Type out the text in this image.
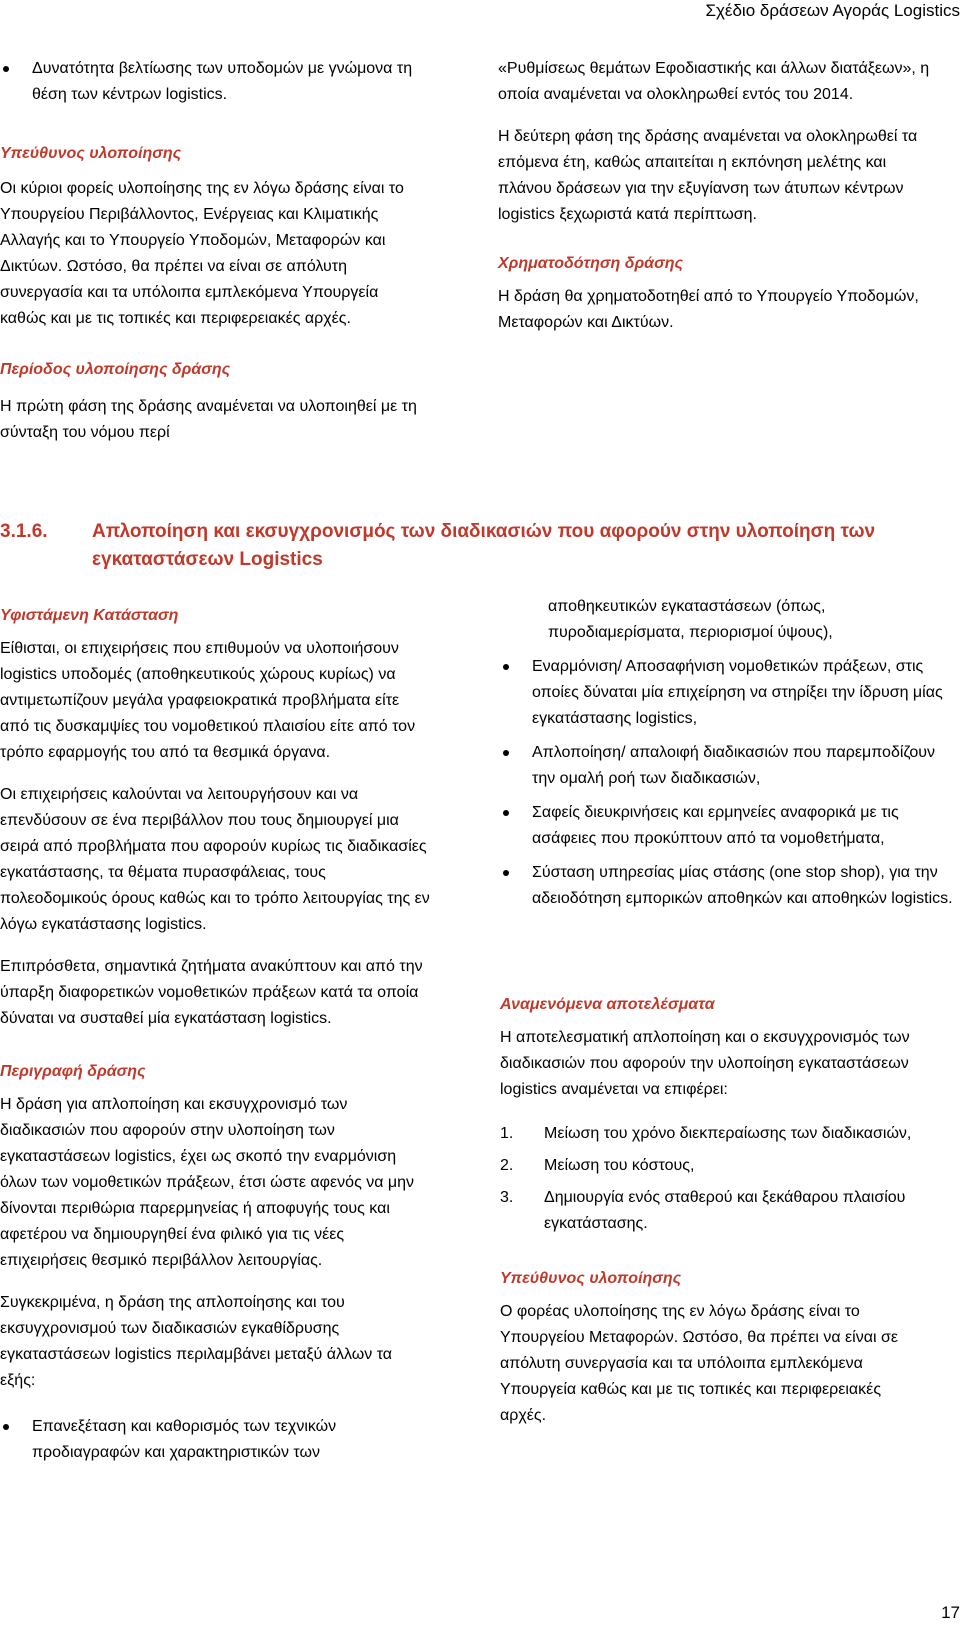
Σχέδιο δράσεων Αγοράς Logistics
Δυνατότητα βελτίωσης των υποδομών με γνώμονα τη θέση των κέντρων logistics.

Υπεύθυνος υλοποίησης

Οι κύριοι φορείς υλοποίησης της εν λόγω δράσης είναι το Υπουργείου Περιβάλλοντος, Ενέργειας και Κλιματικής Αλλαγής και το Υπουργείο Υποδομών, Μεταφορών και Δικτύων. Ωστόσο, θα πρέπει να είναι σε απόλυτη συνεργασία και τα υπόλοιπα εμπλεκόμενα Υπουργεία καθώς και με τις τοπικές και περιφερειακές αρχές.

Περίοδος υλοποίησης δράσης

Η πρώτη φάση της δράσης αναμένεται να υλοποιηθεί με τη σύνταξη του νόμου περί

«Ρυθμίσεως θεμάτων Εφοδιαστικής και άλλων διατάξεων», η οποία αναμένεται να ολοκληρωθεί εντός του 2014.

Η δεύτερη φάση της δράσης αναμένεται να ολοκληρωθεί τα επόμενα έτη, καθώς απαιτείται η εκπόνηση μελέτης και πλάνου δράσεων για την εξυγίανση των άτυπων κέντρων logistics ξεχωριστά κατά περίπτωση.

Χρηματοδότηση δράσης

Η δράση θα χρηματοδοτηθεί από το Υπουργείο Υποδομών, Μεταφορών και Δικτύων.

3.1.6. Απλοποίηση και εκσυγχρονισμός των διαδικασιών που αφορούν στην υλοποίηση των εγκαταστάσεων Logistics

Υφιστάμενη Κατάσταση

Είθισται, οι επιχειρήσεις που επιθυμούν να υλοποιήσουν logistics υποδομές (αποθηκευτικούς χώρους κυρίως) να αντιμετωπίζουν μεγάλα γραφειοκρατικά προβλήματα είτε από τις δυσκαμψίες του νομοθετικού πλαισίου είτε από τον τρόπο εφαρμογής του από τα θεσμικά όργανα.

Οι επιχειρήσεις καλούνται να λειτουργήσουν και να επενδύσουν σε ένα περιβάλλον που τους δημιουργεί μια σειρά από προβλήματα που αφορούν κυρίως τις διαδικασίες εγκατάστασης, τα θέματα πυρασφάλειας, τους πολεοδομικούς όρους καθώς και το τρόπο λειτουργίας της εν λόγω εγκατάστασης logistics.

Επιπρόσθετα, σημαντικά ζητήματα ανακύπτουν και από την ύπαρξη διαφορετικών νομοθετικών πράξεων κατά τα οποία δύναται να συσταθεί μία εγκατάσταση logistics.

Περιγραφή δράσης

Η δράση για απλοποίηση και εκσυγχρονισμό των διαδικασιών που αφορούν στην υλοποίηση των εγκαταστάσεων logistics, έχει ως σκοπό την εναρμόνιση όλων των νομοθετικών πράξεων, έτσι ώστε αφενός να μην δίνονται περιθώρια παρερμηνείας ή αποφυγής τους και αφετέρου να δημιουργηθεί ένα φιλικό για τις νέες επιχειρήσεις θεσμικό περιβάλλον λειτουργίας.

Συγκεκριμένα, η δράση της απλοποίησης και του εκσυγχρονισμού των διαδικασιών εγκαθίδρυσης εγκαταστάσεων logistics περιλαμβάνει μεταξύ άλλων τα εξής:

Επανεξέταση και καθορισμός των τεχνικών προδιαγραφών και χαρακτηριστικών των

αποθηκευτικών εγκαταστάσεων (όπως, πυροδιαμερίσματα, περιορισμοί ύψους),

Εναρμόνιση/ Αποσαφήνιση νομοθετικών πράξεων, στις οποίες δύναται μία επιχείρηση να στηρίξει την ίδρυση μίας εγκατάστασης logistics,
Απλοποίηση/ απαλοιφή διαδικασιών που παρεμποδίζουν την ομαλή ροή των διαδικασιών,
Σαφείς διευκρινήσεις και ερμηνείες αναφορικά με τις ασάφειες που προκύπτουν από τα νομοθετήματα,
Σύσταση υπηρεσίας μίας στάσης (one stop shop), για την αδειοδότηση εμπορικών αποθηκών και αποθηκών logistics.

Αναμενόμενα αποτελέσματα

Η αποτελεσματική απλοποίηση και ο εκσυγχρονισμός των διαδικασιών που αφορούν την υλοποίηση εγκαταστάσεων logistics αναμένεται να επιφέρει:

1. Μείωση του χρόνο διεκπεραίωσης των διαδικασιών,
2. Μείωση του κόστους,
3. Δημιουργία ενός σταθερού και ξεκάθαρου πλαισίου εγκατάστασης.

Υπεύθυνος υλοποίησης

Ο φορέας υλοποίησης της εν λόγω δράσης είναι το Υπουργείου Μεταφορών. Ωστόσο, θα πρέπει να είναι σε απόλυτη συνεργασία και τα υπόλοιπα εμπλεκόμενα Υπουργεία καθώς και με τις τοπικές και περιφερειακές αρχές.

17
